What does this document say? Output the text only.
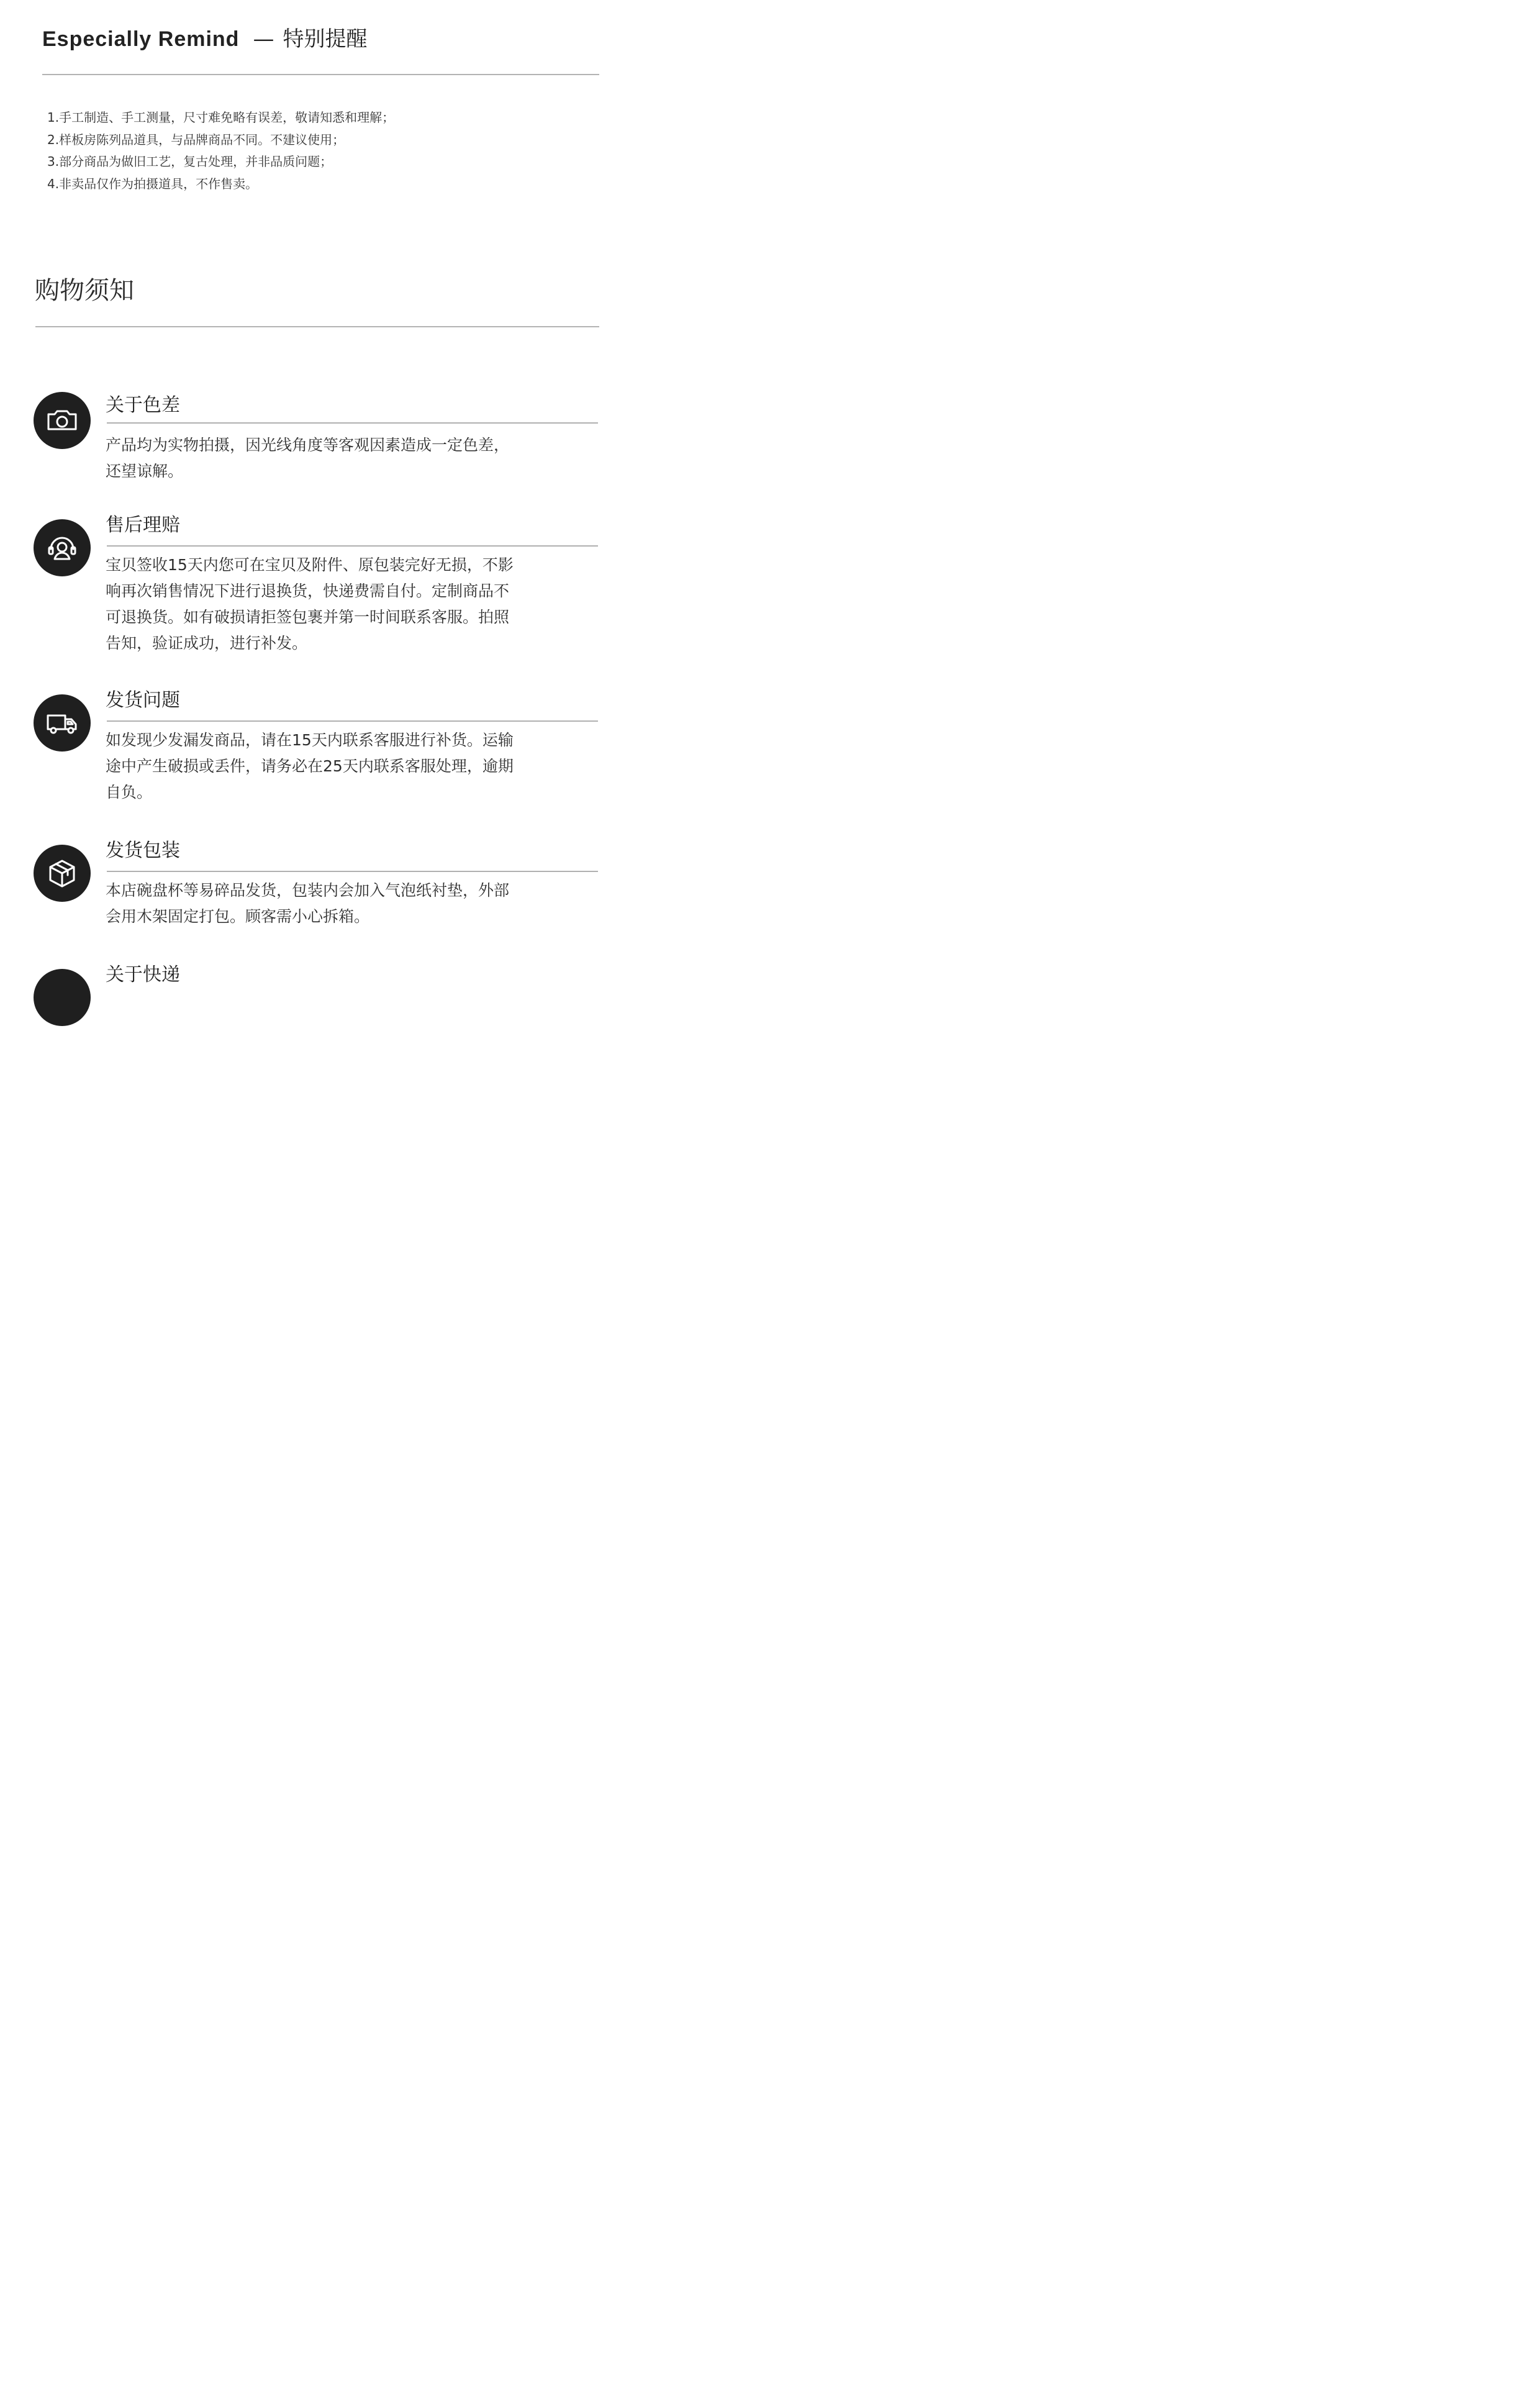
Especially Remind — 特别提醒
1.手工制造、手工测量，尺寸难免略有误差，敬请知悉和理解；
2.样板房陈列品道具，与品牌商品不同。不建议使用；
3.部分商品为做旧工艺，复古处理，并非品质问题；
4.非卖品仅作为拍摄道具，不作售卖。
购物须知
关于色差

产品均为实物拍摄，因光线角度等客观因素造成一定色差，
还望谅解。

售后理赔

宝贝签收15天内您可在宝贝及附件、原包装完好无损，不影
响再次销售情况下进行退换货，快递费需自付。定制商品不
可退换货。如有破损请拒签包裹并第一时间联系客服。拍照
告知，验证成功，进行补发。

发货问题

如发现少发漏发商品，请在15天内联系客服进行补货。运输
途中产生破损或丢件，请务必在25天内联系客服处理，逾期
自负。

发货包装

本店碗盘杯等易碎品发货，包装内会加入气泡纸衬垫，外部
会用木架固定打包。顾客需小心拆箱。

关于快递
